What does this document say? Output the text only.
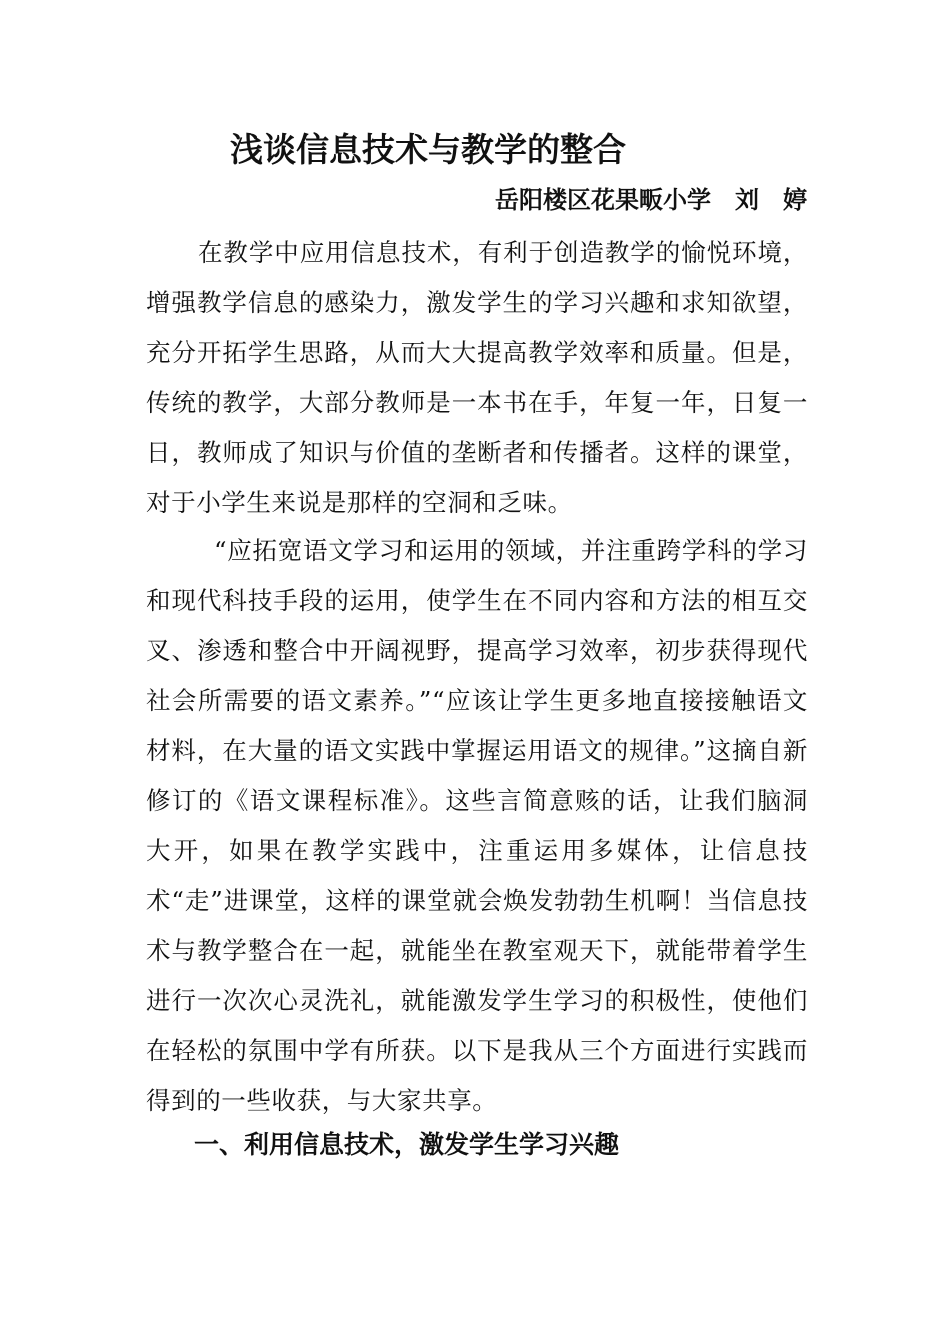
浅谈信息技术与教学的整合

岳阳楼区花果畈小学　刘　婷

在教学中应用信息技术，有利于创造教学的愉悦环境，增强教学信息的感染力，激发学生的学习兴趣和求知欲望，充分开拓学生思路，从而大大提高教学效率和质量。但是，传统的教学，大部分教师是一本书在手，年复一年，日复一日，教师成了知识与价值的垄断者和传播者。这样的课堂，对于小学生来说是那样的空洞和乏味。

“应拓宽语文学习和运用的领域，并注重跨学科的学习和现代科技手段的运用，使学生在不同内容和方法的相互交叉、渗透和整合中开阔视野，提高学习效率，初步获得现代社会所需要的语文素养。”“应该让学生更多地直接接触语文材料，在大量的语文实践中掌握运用语文的规律。”这摘自新修订的《语文课程标准》。这些言简意赅的话，让我们脑洞大开，如果在教学实践中，注重运用多媒体，让信息技术“走”进课堂，这样的课堂就会焕发勃勃生机啊！当信息技术与教学整合在一起，就能坐在教室观天下，就能带着学生进行一次次心灵洗礼，就能激发学生学习的积极性，使他们在轻松的氛围中学有所获。以下是我从三个方面进行实践而得到的一些收获，与大家共享。

一、利用信息技术，激发学生学习兴趣
